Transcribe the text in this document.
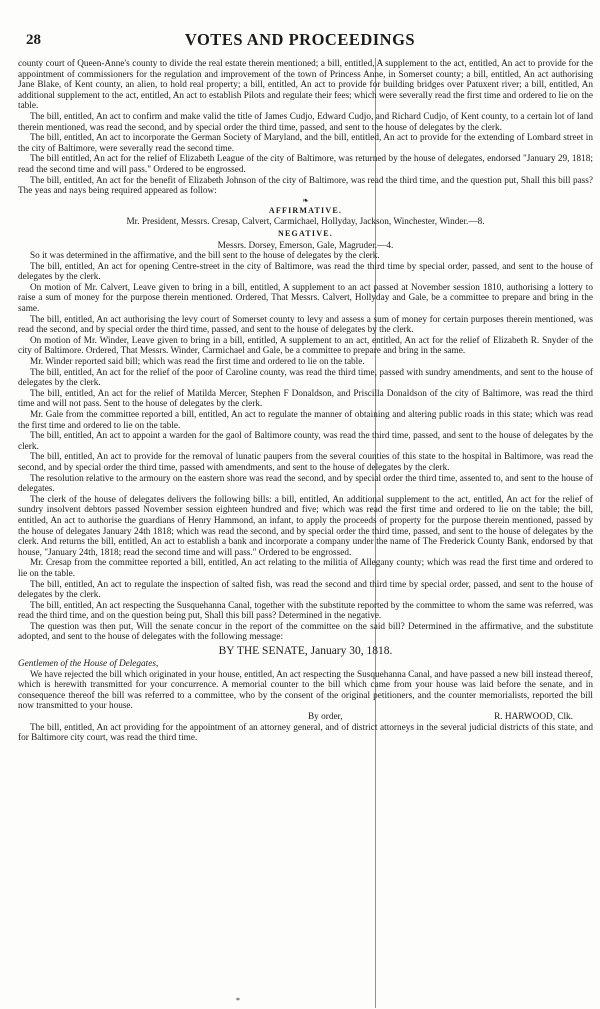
28	VOTES AND PROCEEDINGS

county court of Queen-Anne's county to divide the real estate therein mentioned; a bill, entitled, A supplement to the act, entitled, An act to provide for the appointment of commissioners for the regulation and improvement of the town of Princess Anne, in Somerset county; a bill, entitled, An act authorising Jane Blake, of Kent county, an alien, to hold real property; a bill, entitled, An act to provide for building bridges over Patuxent river; a bill, entitled, An additional supplement to the act, entitled, An act to establish Pilots and regulate their fees; which were severally read the first time and ordered to lie on the table.

The bill, entitled, An act to confirm and make valid the title of James Cudjo, Edward Cudjo, and Richard Cudjo, of Kent county, to a certain lot of land therein mentioned, was read the second, and by special order the third time, passed, and sent to the house of delegates by the clerk.

The bill, entitled, An act to incorporate the German Society of Maryland, and the bill, entitled, An act to provide for the extending of Lombard street in the city of Baltimore, were severally read the second time.

The bill entitled, An act for the relief of Elizabeth League of the city of Baltimore, was returned by the house of delegates, endorsed "January 29, 1818; read the second time and will pass." Ordered to be engrossed.

The bill, entitled, An act for the benefit of Elizabeth Johnson of the city of Baltimore, was read the third time, and the question put, Shall this bill pass? The yeas and nays being required appeared as follow:

❧
AFFIRMATIVE.

Mr. President, Messrs. Cresap, Calvert, Carmichael, Hollyday, Jackson, Winchester, Winder.—8.

NEGATIVE.

Messrs. Dorsey, Emerson, Gale, Magruder.—4.

So it was determined in the affirmative, and the bill sent to the house of delegates by the clerk.

The bill, entitled, An act for opening Centre-street in the city of Baltimore, was read the third time by special order, passed, and sent to the house of delegates by the clerk.

On motion of Mr. Calvert, Leave given to bring in a bill, entitled, A supplement to an act passed at November session 1810, authorising a lottery to raise a sum of money for the purpose therein mentioned. Ordered, That Messrs. Calvert, Hollyday and Gale, be a committee to prepare and bring in the same.

The bill, entitled, An act authorising the levy court of Somerset county to levy and assess a sum of money for certain purposes therein mentioned, was read the second, and by special order the third time, passed, and sent to the house of delegates by the clerk.

On motion of Mr. Winder, Leave given to bring in a bill, entitled, A supplement to an act, entitled, An act for the relief of Elizabeth R. Snyder of the city of Baltimore. Ordered, That Messrs. Winder, Carmichael and Gale, be a committee to prepare and bring in the same.

Mr. Winder reported said bill; which was read the first time and ordered to lie on the table.

The bill, entitled, An act for the relief of the poor of Caroline county, was read the third time, passed with sundry amendments, and sent to the house of delegates by the clerk.

The bill, entitled, An act for the relief of Matilda Mercer, Stephen F Donaldson, and Priscilla Donaldson of the city of Baltimore, was read the third time and will not pass. Sent to the house of delegates by the clerk.

Mr. Gale from the committee reported a bill, entitled, An act to regulate the manner of obtaining and altering public roads in this state; which was read the first time and ordered to lie on the table.

The bill, entitled, An act to appoint a warden for the gaol of Baltimore county, was read the third time, passed, and sent to the house of delegates by the clerk.

The bill, entitled, An act to provide for the removal of lunatic paupers from the several counties of this state to the hospital in Baltimore, was read the second, and by special order the third time, passed with amendments, and sent to the house of delegates by the clerk.

The resolution relative to the armoury on the eastern shore was read the second, and by special order the third time, assented to, and sent to the house of delegates.

The clerk of the house of delegates delivers the following bills: a bill, entitled, An additional supplement to the act, entitled, An act for the relief of sundry insolvent debtors passed November session eighteen hundred and five; which was read the first time and ordered to lie on the table; the bill, entitled, An act to authorise the guardians of Henry Hammond, an infant, to apply the proceeds of property for the purpose therein mentioned, passed by the house of delegates January 24th 1818; which was read the second, and by special order the third time, passed, and sent to the house of delegates by the clerk. And returns the bill, entitled, An act to establish a bank and incorporate a company under the name of The Frederick County Bank, endorsed by that house, "January 24th, 1818; read the second time and will pass." Ordered to be engrossed.

Mr. Cresap from the committee reported a bill, entitled, An act relating to the militia of Allegany county; which was read the first time and ordered to lie on the table.

The bill, entitled, An act to regulate the inspection of salted fish, was read the second and third time by special order, passed, and sent to the house of delegates by the clerk.

The bill, entitled, An act respecting the Susquehanna Canal, together with the substitute reported by the committee to whom the same was referred, was read the third time, and on the question being put, Shall this bill pass? Determined in the negative.

The question was then put, Will the senate concur in the report of the committee on the said bill? Determined in the affirmative, and the substitute adopted, and sent to the house of delegates with the following message:

BY THE SENATE, January 30, 1818.

Gentlemen of the House of Delegates,

We have rejected the bill which originated in your house, entitled, An act respecting the Susquehanna Canal, and have passed a new bill instead thereof, which is herewith transmitted for your concurrence. A memorial counter to the bill which came from your house was laid before the senate, and in consequence thereof the bill was referred to a committee, who by the consent of the original petitioners, and the counter memorialists, reported the bill now transmitted to your house.

By order,	R. HARWOOD, Clk.

The bill, entitled, An act providing for the appointment of an attorney general, and of district attorneys in the several judicial districts of this state, and for Baltimore city court, was read the third time.

*
